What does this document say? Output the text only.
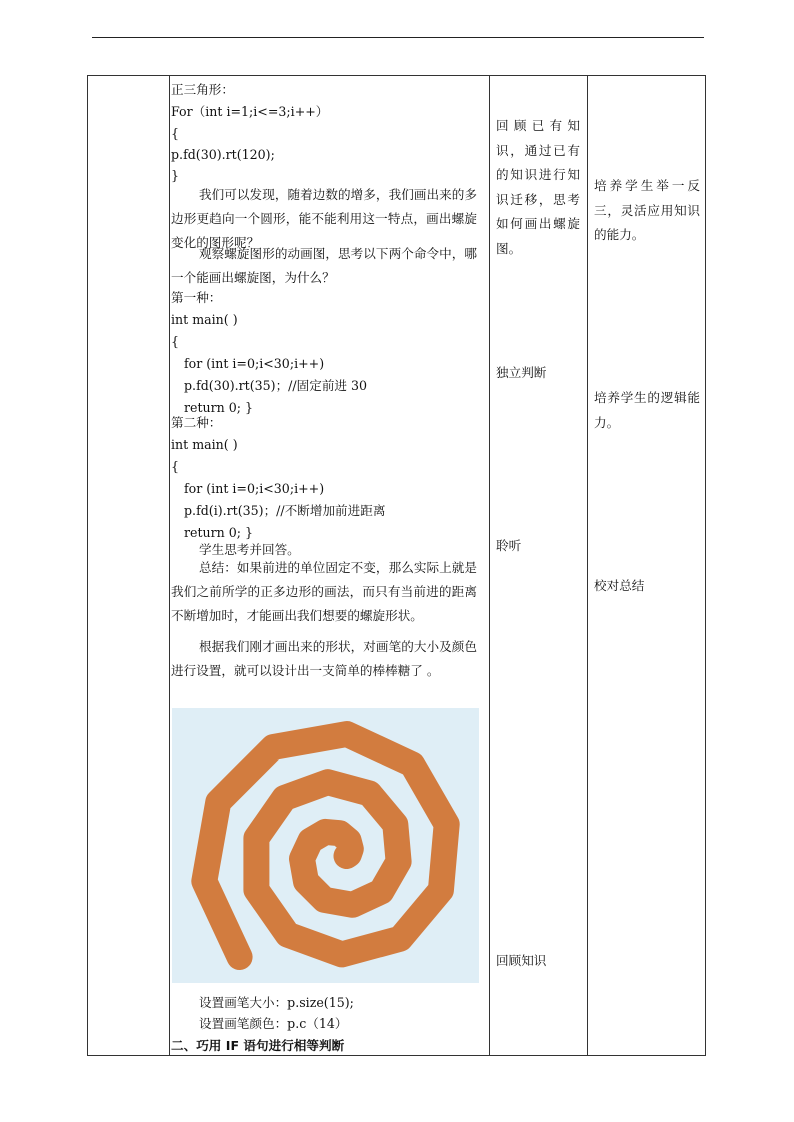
正三角形：
For（int i=1;i<=3;i++）
{
p.fd(30).rt(120);
}
我们可以发现，随着边数的增多，我们画出来的多边形更趋向一个圆形，能不能利用这一特点，画出螺旋变化的图形呢？
观察螺旋图形的动画图，思考以下两个命令中，哪一个能画出螺旋图，为什么？
第一种：
int main( )
{
for (int i=0;i<30;i++)
p.fd(30).rt(35)；//固定前进 30
return 0; }
第二种：
int main( )
{
for (int i=0;i<30;i++)
p.fd(i).rt(35)；//不断增加前进距离
return 0; }
学生思考并回答。
总结：如果前进的单位固定不变，那么实际上就是我们之前所学的正多边形的画法，而只有当前进的距离不断增加时，才能画出我们想要的螺旋形状。
根据我们刚才画出来的形状，对画笔的大小及颜色进行设置，就可以设计出一支简单的棒棒糖了 。
设置画笔大小：p.size(15);
设置画笔颜色：p.c（14）
二、巧用 IF 语句进行相等判断

回顾已有知识，通过已有的知识进行知识迁移，思考如何画出螺旋图。
独立判断
聆听
回顾知识

培养学生举一反三，灵活应用知识的能力。
培养学生的逻辑能力。
校对总结
